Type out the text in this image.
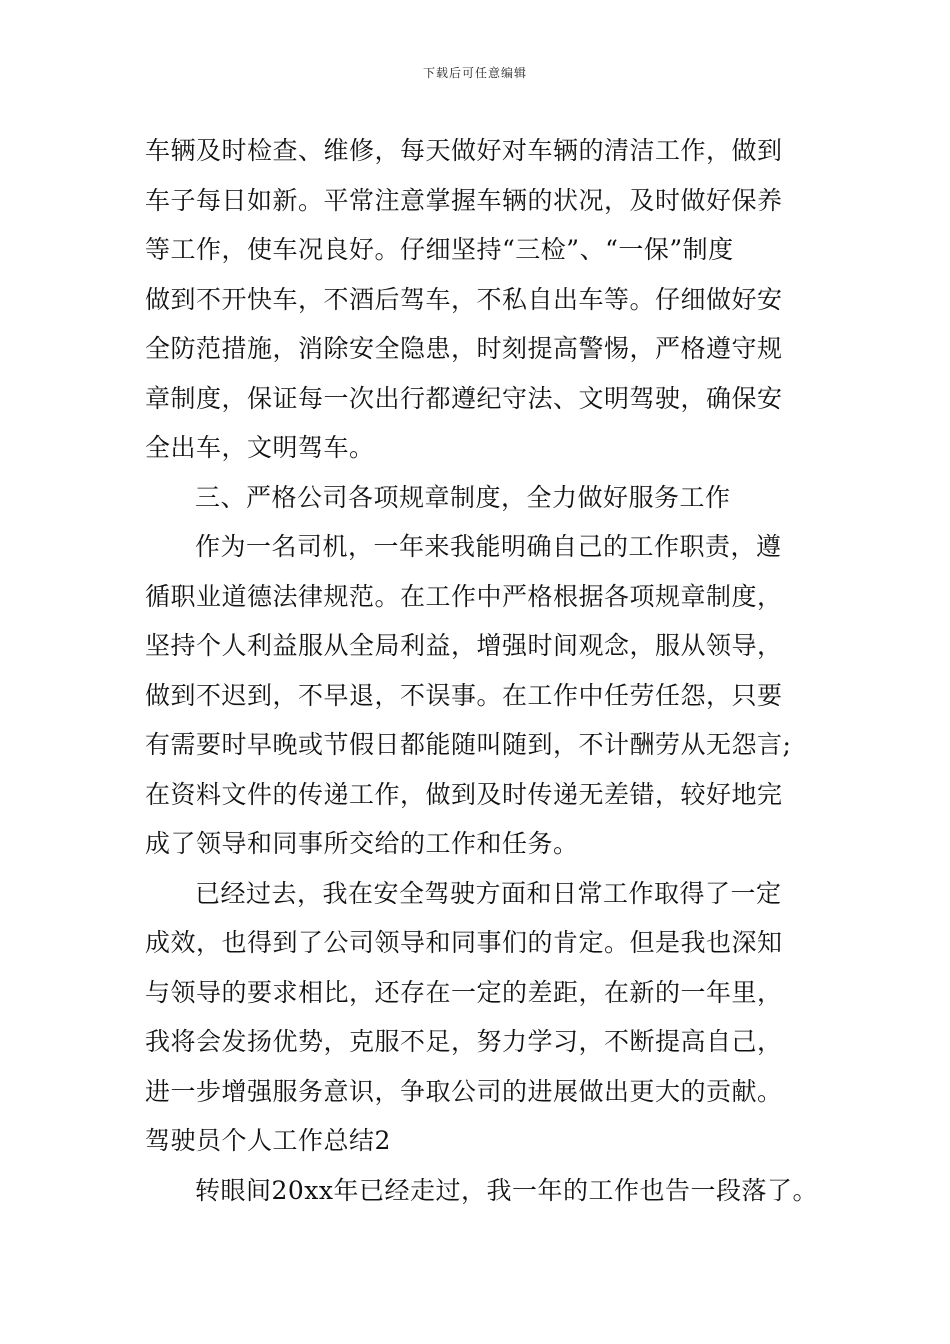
下载后可任意编辑
车辆及时检查、维修，每天做好对车辆的清洁工作，做到
车子每日如新。平常注意掌握车辆的状况，及时做好保养
等工作，使车况良好。仔细坚持“三检”、“一保”制度
做到不开快车，不酒后驾车，不私自出车等。仔细做好安
全防范措施，消除安全隐患，时刻提高警惕，严格遵守规
章制度，保证每一次出行都遵纪守法、文明驾驶，确保安
全出车，文明驾车。
三、严格公司各项规章制度，全力做好服务工作
作为一名司机，一年来我能明确自己的工作职责，遵
循职业道德法律规范。在工作中严格根据各项规章制度，
坚持个人利益服从全局利益，增强时间观念，服从领导，
做到不迟到，不早退，不误事。在工作中任劳任怨，只要
有需要时早晚或节假日都能随叫随到，不计酬劳从无怨言;
在资料文件的传递工作，做到及时传递无差错，较好地完
成了领导和同事所交给的工作和任务。
已经过去，我在安全驾驶方面和日常工作取得了一定
成效，也得到了公司领导和同事们的肯定。但是我也深知
与领导的要求相比，还存在一定的差距，在新的一年里，
我将会发扬优势，克服不足，努力学习，不断提高自己，
进一步增强服务意识，争取公司的进展做出更大的贡献。
驾驶员个人工作总结2
转眼间20xx年已经走过，我一年的工作也告一段落了。
